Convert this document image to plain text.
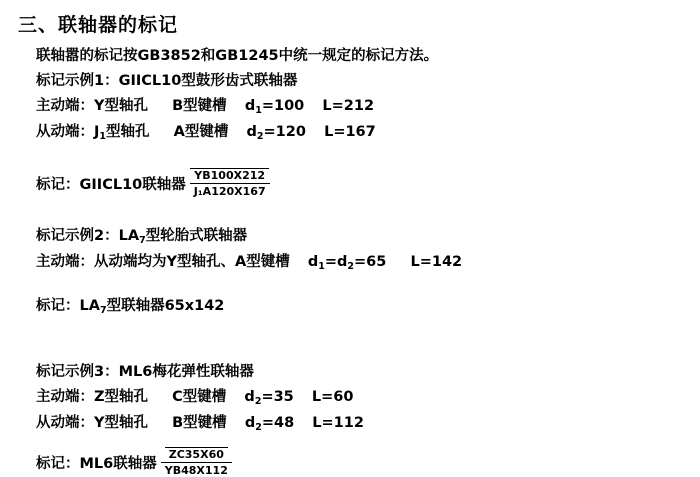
三、联轴器的标记
联轴嚣的标记按GB3852和GB1245中统一规定的标记方法。
标记示例1：GIICL10型鼓形齿式联轴器
主动端：Y型轴孔 B型键槽 $d_1=100$ L=212
从动端：$J_1$型轴孔 A型键槽 $d_2=120$ L=167
标记：GIICL10联轴器 $\frac{YB100X212}{\text{J₁A120X167}}$
标记示例2：$LA_7$型轮胎式联轴器
主动端：从动端均为Y型轴孔、A型键槽 $d_1=d_2=65$ L=142
标记：$LA_7$型联轴器65x142
标记示例3：ML6梅花弹性联轴器
主动端：Z型轴孔 C型键槽 $d_2=35$ L=60
从动端：Y型轴孔 B型键槽 $d_2=48$ L=112
标记：ML6联轴器 $\frac{ZC35X60}{YB48X112}$
